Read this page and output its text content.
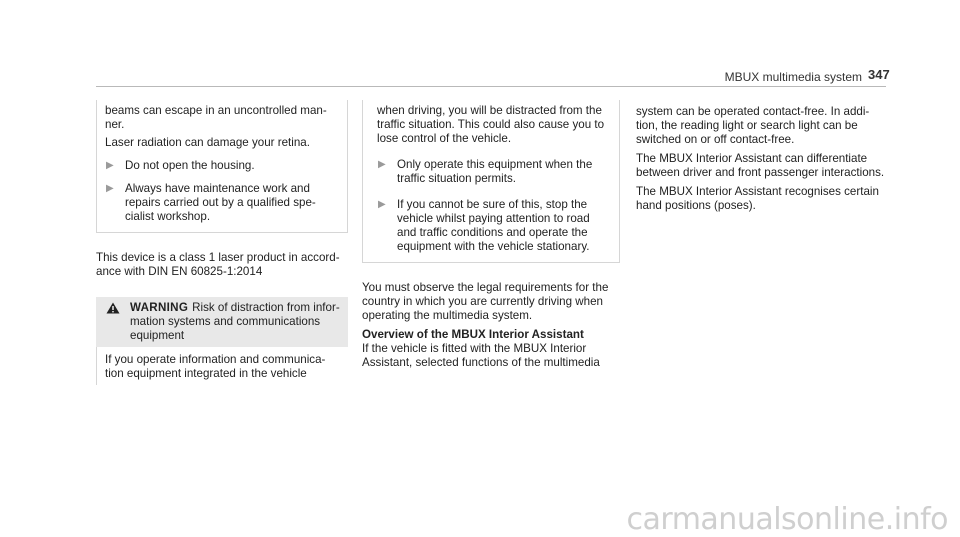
MBUX multimedia system 347

beams can escape in an uncontrolled man-

ner.

Laser radiation can damage your retina.

▶ Do not open the housing.

▶ Always have maintenance work and repairs carried out by a qualified spe-

cialist workshop.

This device is a class 1 laser product in accord-

ance with DIN EN 60825-1:2014

WARNING Risk of distraction from infor-

mation systems and communications

equipment

If you operate information and communica-

tion equipment integrated in the vehicle

when driving, you will be distracted from the

traffic situation. This could also cause you to

lose control of the vehicle.

▶ Only operate this equipment when the

traffic situation permits.

▶ If you cannot be sure of this, stop the

vehicle whilst paying attention to road

and traffic conditions and operate the

equipment with the vehicle stationary.

You must observe the legal requirements for the

country in which you are currently driving when

operating the multimedia system.

Overview of the MBUX Interior Assistant

If the vehicle is fitted with the MBUX Interior

Assistant, selected functions of the multimedia

system can be operated contact-free. In addi-

tion, the reading light or search light can be

switched on or off contact-free.

The MBUX Interior Assistant can differentiate

between driver and front passenger interactions.

The MBUX Interior Assistant recognises certain

hand positions (poses).

carmanualsonline.info
